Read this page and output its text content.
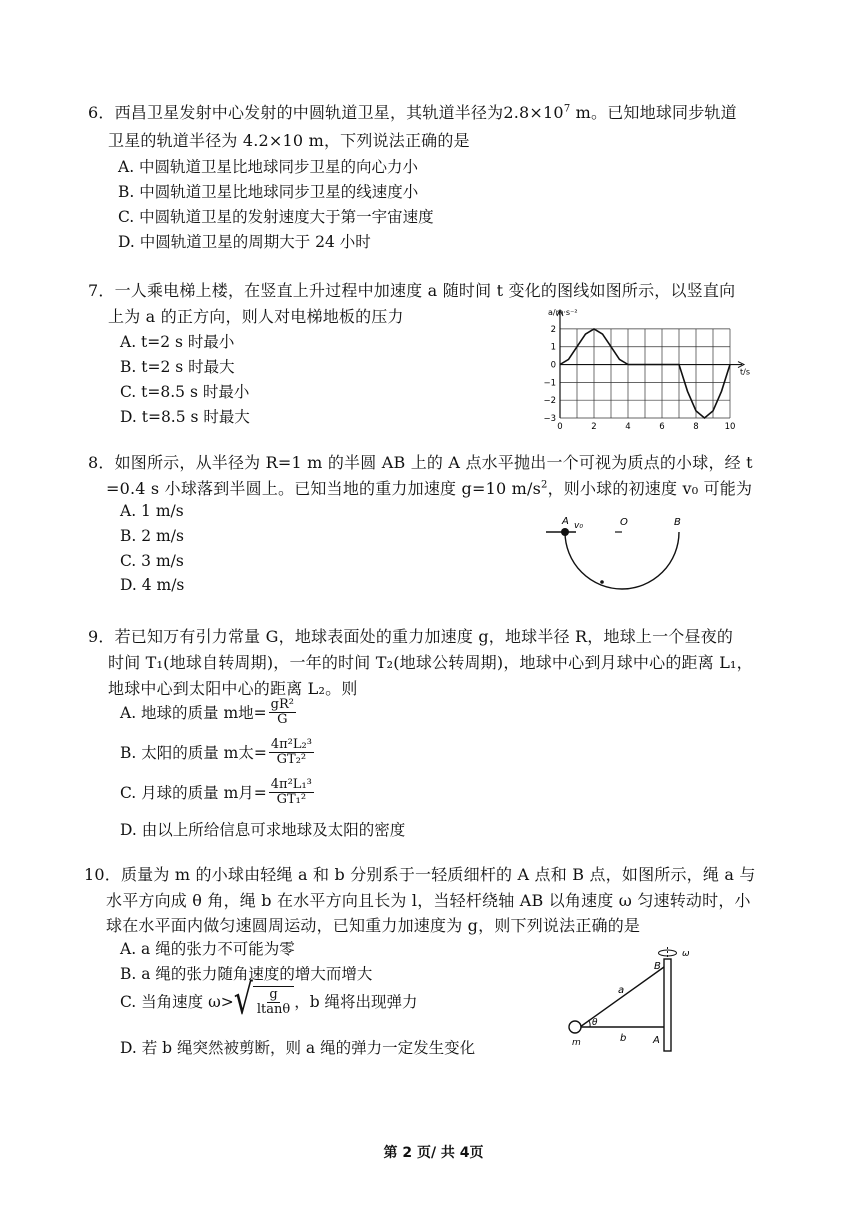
6．西昌卫星发射中心发射的中圆轨道卫星，其轨道半径为$2.8\times 10^7$ m。已知地球同步轨道
卫星的轨道半径为 4.2×10 m，下列说法正确的是
A. 中圆轨道卫星比地球同步卫星的向心力小
B. 中圆轨道卫星比地球同步卫星的线速度小
C. 中圆轨道卫星的发射速度大于第一宇宙速度
D. 中圆轨道卫星的周期大于 24 小时
7．一人乘电梯上楼，在竖直上升过程中加速度 a 随时间 t 变化的图线如图所示，以竖直向
上为 a 的正方向，则人对电梯地板的压力
A. t=2 s 时最小
B. t=2 s 时最大
C. t=8.5 s 时最小
D. t=8.5 s 时最大
2
1
0
−1
−2
−3
0	2	4	6	8	10
a/m·s⁻²
t/s
8．如图所示，从半径为 R=1 m 的半圆 AB 上的 A 点水平抛出一个可视为质点的小球，经 t
=0.4 s 小球落到半圆上。已知当地的重力加速度 g=10 $m/s^2$，则小球的初速度 v₀ 可能为
A. 1 m/s
B. 2 m/s
C. 3 m/s
D. 4 m/s
A v₀	O	B
9．若已知万有引力常量 G，地球表面处的重力加速度 g，地球半径 R，地球上一个昼夜的
时间 T₁(地球自转周期)，一年的时间 T₂(地球公转周期)，地球中心到月球中心的距离 L₁，
地球中心到太阳中心的距离 L₂。则
A. 地球的质量 m地= $\frac{\text{gR²}}{G}$
B. 太阳的质量 m太= $\frac{\text{4π²L₂³}}{\text{GT₂²}}$
C. 月球的质量 m月= $\frac{\text{4π²L₁³}}{\text{GT₁²}}$
D. 由以上所给信息可求地球及太阳的密度
10．质量为 m 的小球由轻绳 a 和 b 分别系于一轻质细杆的 A 点和 B 点，如图所示，绳 a 与
水平方向成 θ 角，绳 b 在水平方向且长为 l，当轻杆绕轴 AB 以角速度 ω 匀速转动时，小
球在水平面内做匀速圆周运动，已知重力加速度为 g，则下列说法正确的是
A. a 绳的张力不可能为零
B. a 绳的张力随角速度的增大而增大
C. 当角速度 ω> √ $\frac{g}{ltan\theta}$ ，b 绳将出现弹力
D. 若 b 绳突然被剪断，则 a 绳的弹力一定发生变化
B
A
ω
a
b
θ
m
第 2 页/ 共 4页
